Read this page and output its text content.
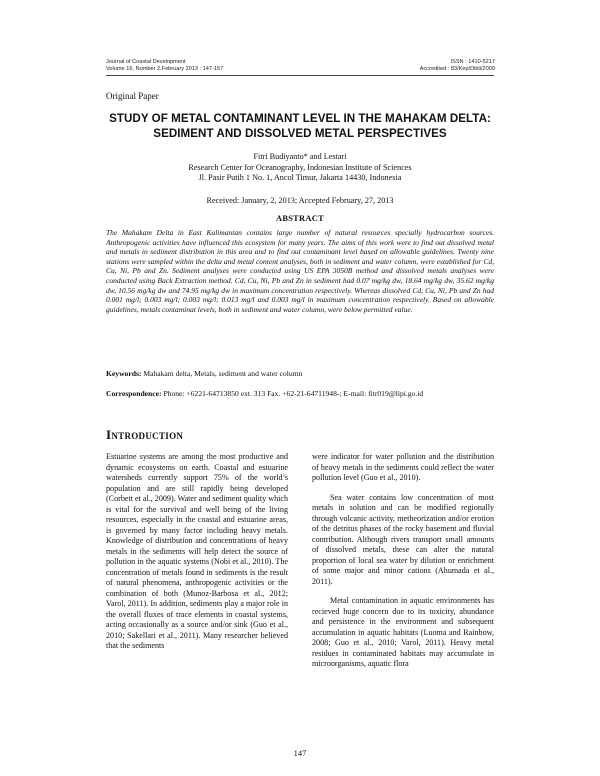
Journal of Coastal Development
Volume 16, Number 2,February 2013 : 147-157
ISSN : 1410-5217
Accredited : 83/Kep/Dikti/2009
Original Paper
STUDY OF METAL CONTAMINANT LEVEL IN THE MAHAKAM DELTA: SEDIMENT AND DISSOLVED METAL PERSPECTIVES
Fitri Budiyanto* and Lestari
Research Center for Oceanography, Indonesian Institute of Sciences
Jl. Pasir Putih 1 No. 1, Ancol Timur, Jakarta 14430, Indonesia
Received: January, 2, 2013; Accepted February, 27, 2013
ABSTRACT

The Mahakam Delta in East Kalimantan contains large number of natural resources specially hydrocarbon sources. Anthropogenic activities have influenced this ecosystem for many years. The aims of this work were to find out dissolved metal and metals in sediment distribution in this area and to find out contaminant level based on allowable guidelines. Twenty nine stations were sampled within the delta and metal content analyses, both in sediment and water column, were established for Cd, Cu, Ni, Pb and Zn. Sediment analyses were conducted using US EPA 3050B method and dissolved metals analyses were conducted using Back Extraction method. Cd, Cu, Ni, Pb and Zn in sediment had 0.07 mg/kg dw, 18.64 mg/kg dw, 35.62 mg/kg dw, 10.56 mg/kg dw and 74.95 mg/kg dw in maximum concentration respectively. Whereas dissolved Cd, Cu, Ni, Pb and Zn had 0.001 mg/l; 0.003 mg/l; 0.003 mg/l; 0.013 mg/l and 0.003 mg/l in maximum concentration respectively. Based on allowable guidelines, metals contaminat levels, both in sediment and water column, were below permitted value.

Keywords: Mahakam delta, Metals, sediment and water column
Correspondence: Phone: +6221-64713850 ext. 313 Fax. +62-21-64711948-; E-mail: fitr019@lipi.go.id
Introduction

Estuarine systems are among the most productive and dynamic ecosystems on earth. Coastal and estuarine watersheds currently support 75% of the world’s population and are still rapidly being developed (Corbett et al., 2009). Water and sediment quality which is vital for the survival and well being of the living resources, especially in the coastal and estuarine areas, is governed by many factor including heavy metals. Knowledge of distribution and concentrations of heavy metals in the sediments will help detect the source of pollution in the aquatic systems (Nobi et al., 2010). The concentration of metals found in sediments is the result of natural phenomena, anthropogenic activities or the combination of both (Munoz-Barbosa et al., 2012; Varol, 2011). In addition, sediments play a major role in the overall fluxes of trace elements in coastal systems, acting occasionally as a source and/or sink (Guo et al., 2010; Sakellari et al., 2011). Many researcher believed that the sediments

were indicator for water pollution and the distribution of heavy metals in the sediments could reflect the water pollution level (Guo et al., 2010).

Sea water contains low concentration of most metals in solution and can be modified regionally through volcanic activity, metheorization and/or erotion of the detritus phases of the rocky basement and fluvial contribution. Although rivers transport small amounts of dissolved metals, these can alter the natural proportion of local sea water by dilution or enrichment of some major and minor cations (Ahumada et al., 2011).

Metal contamination in aquatic environments has recieved huge concern due to its toxicity, abundance and persistence in the environment and subsequent accumulation in aquatic habitats (Luoma and Rainbow, 2008; Guo et al., 2010; Varol, 2011). Heavy metal residues in contaminated habitats may accumulate in microorganisms, aquatic flora

147
